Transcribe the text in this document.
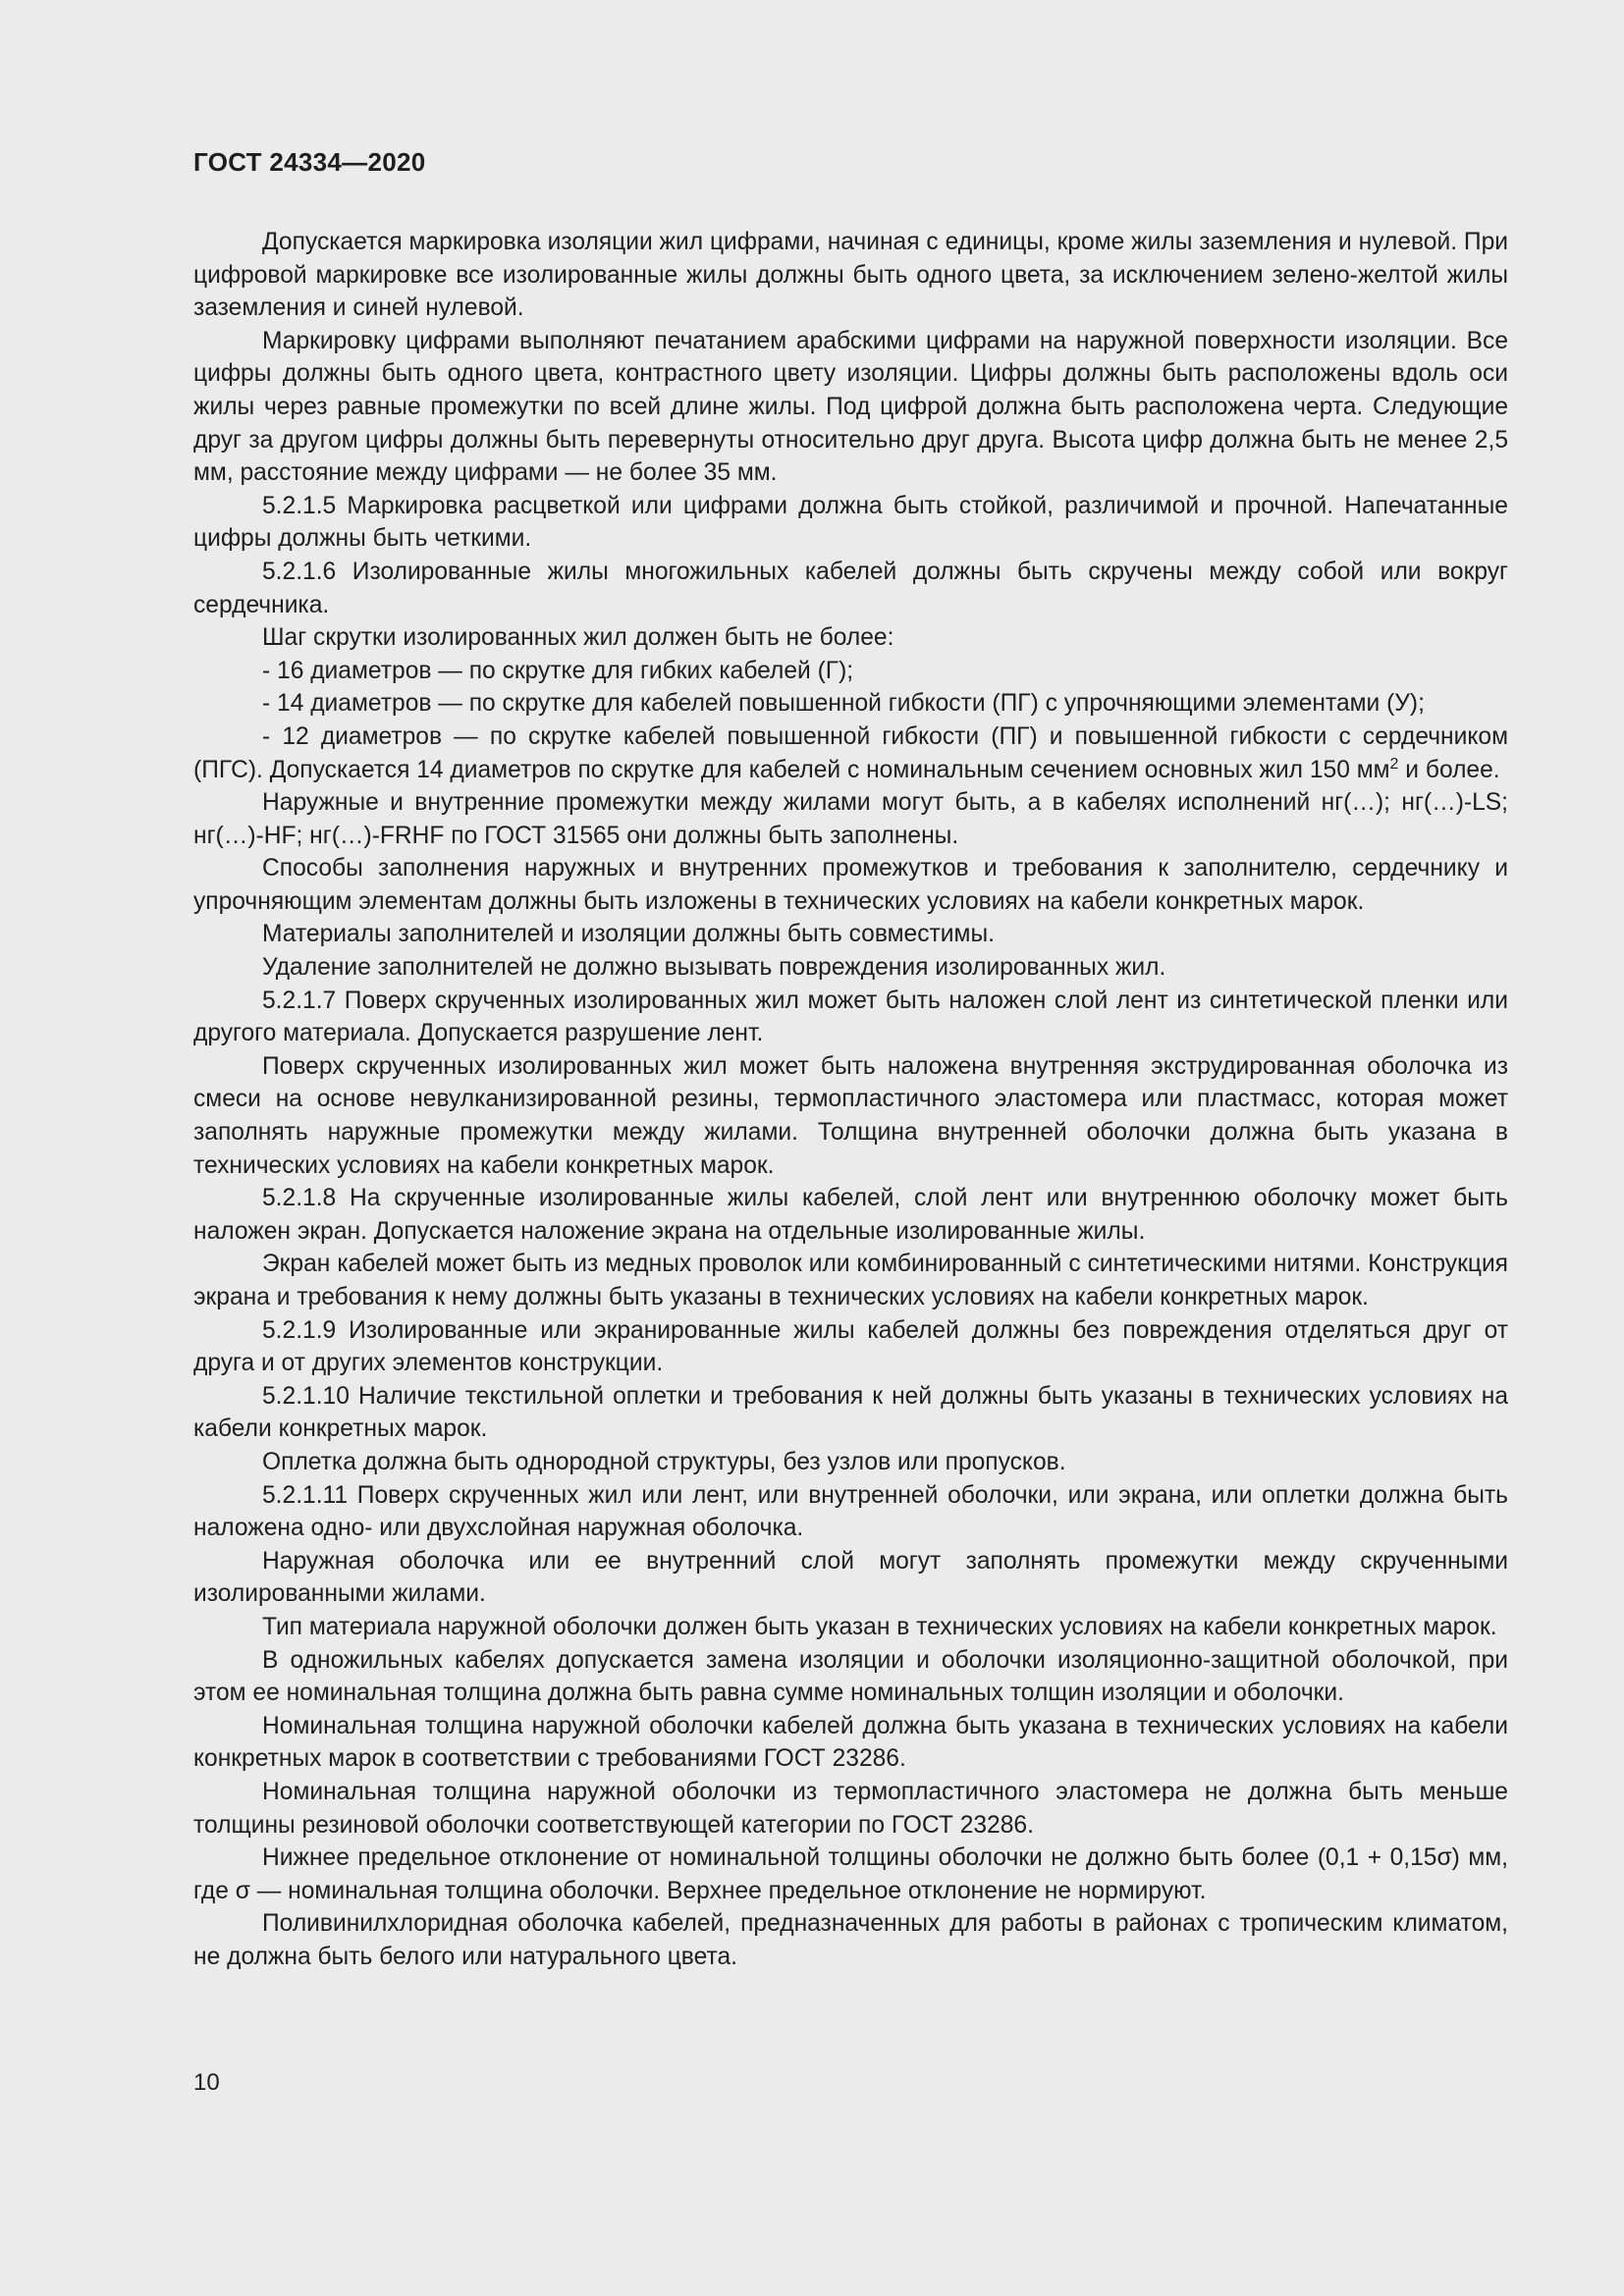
ГОСТ 24334—2020

Допускается маркировка изоляции жил цифрами, начиная с единицы, кроме жилы заземления и нулевой. При цифровой маркировке все изолированные жилы должны быть одного цвета, за исключением зелено-желтой жилы заземления и синей нулевой.

Маркировку цифрами выполняют печатанием арабскими цифрами на наружной поверхности изоляции. Все цифры должны быть одного цвета, контрастного цвету изоляции. Цифры должны быть расположены вдоль оси жилы через равные промежутки по всей длине жилы. Под цифрой должна быть расположена черта. Следующие друг за другом цифры должны быть перевернуты относительно друг друга. Высота цифр должна быть не менее 2,5 мм, расстояние между цифрами — не более 35 мм.

5.2.1.5 Маркировка расцветкой или цифрами должна быть стойкой, различимой и прочной. Напечатанные цифры должны быть четкими.

5.2.1.6 Изолированные жилы многожильных кабелей должны быть скручены между собой или вокруг сердечника.

Шаг скрутки изолированных жил должен быть не более:

- 16 диаметров — по скрутке для гибких кабелей (Г);

- 14 диаметров — по скрутке для кабелей повышенной гибкости (ПГ) с упрочняющими элементами (У);

- 12 диаметров — по скрутке кабелей повышенной гибкости (ПГ) и повышенной гибкости с сердечником (ПГС). Допускается 14 диаметров по скрутке для кабелей с номинальным сечением основных жил 150 $мм^2$ и более.

Наружные и внутренние промежутки между жилами могут быть, а в кабелях исполнений нг(…); нг(…)-LS; нг(…)-HF; нг(…)-FRHF по ГОСТ 31565 они должны быть заполнены.

Способы заполнения наружных и внутренних промежутков и требования к заполнителю, сердечнику и упрочняющим элементам должны быть изложены в технических условиях на кабели конкретных марок.

Материалы заполнителей и изоляции должны быть совместимы.

Удаление заполнителей не должно вызывать повреждения изолированных жил.

5.2.1.7 Поверх скрученных изолированных жил может быть наложен слой лент из синтетической пленки или другого материала. Допускается разрушение лент.

Поверх скрученных изолированных жил может быть наложена внутренняя экструдированная оболочка из смеси на основе невулканизированной резины, термопластичного эластомера или пластмасс, которая может заполнять наружные промежутки между жилами. Толщина внутренней оболочки должна быть указана в технических условиях на кабели конкретных марок.

5.2.1.8 На скрученные изолированные жилы кабелей, слой лент или внутреннюю оболочку может быть наложен экран. Допускается наложение экрана на отдельные изолированные жилы.

Экран кабелей может быть из медных проволок или комбинированный с синтетическими нитями. Конструкция экрана и требования к нему должны быть указаны в технических условиях на кабели конкретных марок.

5.2.1.9 Изолированные или экранированные жилы кабелей должны без повреждения отделяться друг от друга и от других элементов конструкции.

5.2.1.10 Наличие текстильной оплетки и требования к ней должны быть указаны в технических условиях на кабели конкретных марок.

Оплетка должна быть однородной структуры, без узлов или пропусков.

5.2.1.11 Поверх скрученных жил или лент, или внутренней оболочки, или экрана, или оплетки должна быть наложена одно- или двухслойная наружная оболочка.

Наружная оболочка или ее внутренний слой могут заполнять промежутки между скрученными изолированными жилами.

Тип материала наружной оболочки должен быть указан в технических условиях на кабели конкретных марок.

В одножильных кабелях допускается замена изоляции и оболочки изоляционно-защитной оболочкой, при этом ее номинальная толщина должна быть равна сумме номинальных толщин изоляции и оболочки.

Номинальная толщина наружной оболочки кабелей должна быть указана в технических условиях на кабели конкретных марок в соответствии с требованиями ГОСТ 23286.

Номинальная толщина наружной оболочки из термопластичного эластомера не должна быть меньше толщины резиновой оболочки соответствующей категории по ГОСТ 23286.

Нижнее предельное отклонение от номинальной толщины оболочки не должно быть более (0,1 + 0,15σ) мм, где σ — номинальная толщина оболочки. Верхнее предельное отклонение не нормируют.

Поливинилхлоридная оболочка кабелей, предназначенных для работы в районах с тропическим климатом, не должна быть белого или натурального цвета.

10
